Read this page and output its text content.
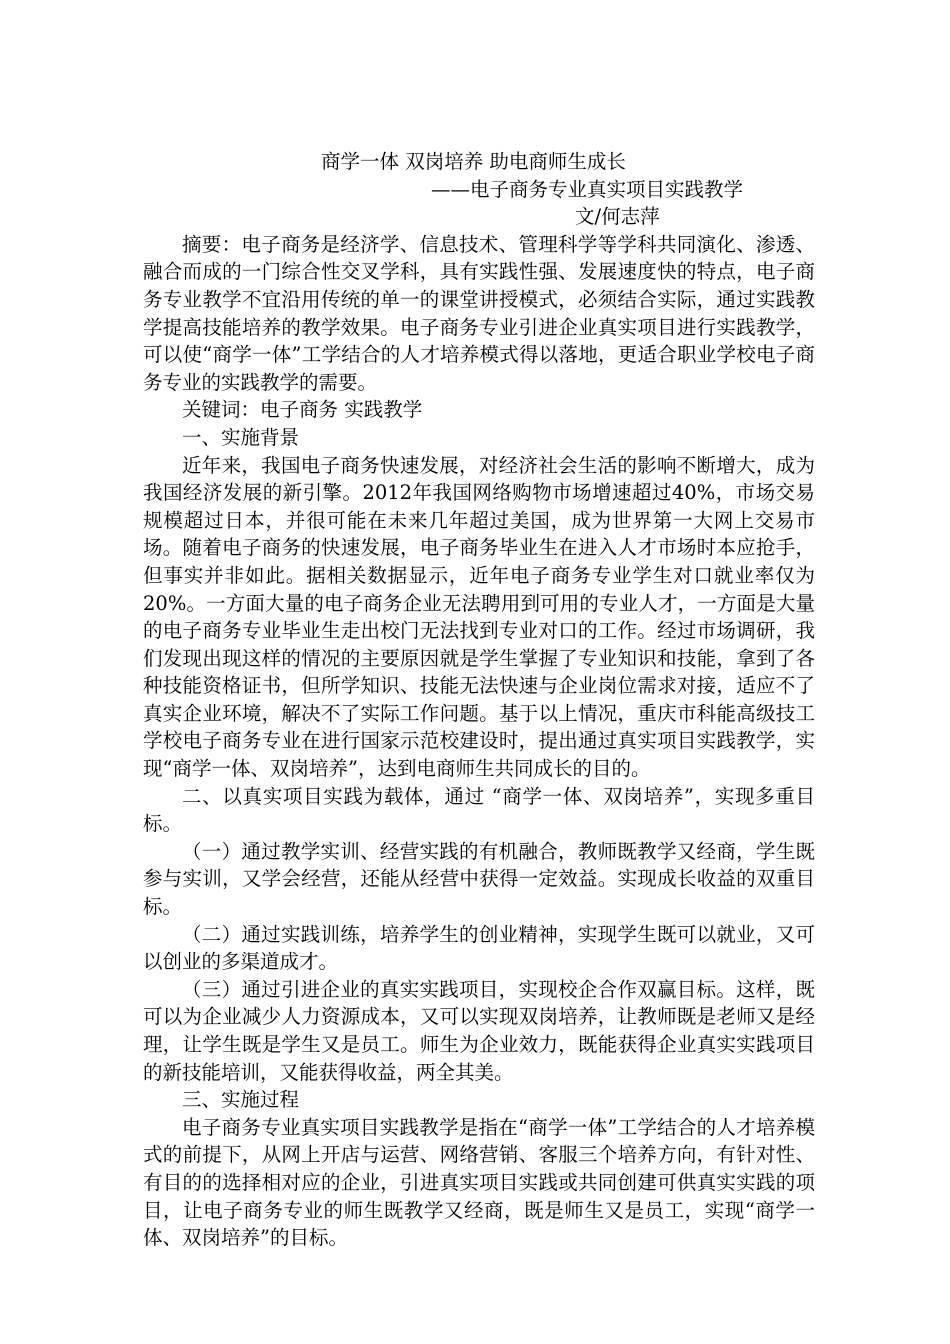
商学一体 双岗培养 助电商师生成长
——电子商务专业真实项目实践教学
文/何志萍

摘要：电子商务是经济学、信息技术、管理科学等学科共同演化、渗透、融合而成的一门综合性交叉学科，具有实践性强、发展速度快的特点，电子商务专业教学不宜沿用传统的单一的课堂讲授模式，必须结合实际，通过实践教学提高技能培养的教学效果。电子商务专业引进企业真实项目进行实践教学，可以使“商学一体”工学结合的人才培养模式得以落地，更适合职业学校电子商务专业的实践教学的需要。

关键词：电子商务 实践教学

一、实施背景

近年来，我国电子商务快速发展，对经济社会生活的影响不断增大，成为我国经济发展的新引擎。2012年我国网络购物市场增速超过40%，市场交易规模超过日本，并很可能在未来几年超过美国，成为世界第一大网上交易市场。随着电子商务的快速发展，电子商务毕业生在进入人才市场时本应抢手，但事实并非如此。据相关数据显示，近年电子商务专业学生对口就业率仅为20%。一方面大量的电子商务企业无法聘用到可用的专业人才，一方面是大量的电子商务专业毕业生走出校门无法找到专业对口的工作。经过市场调研，我们发现出现这样的情况的主要原因就是学生掌握了专业知识和技能，拿到了各种技能资格证书，但所学知识、技能无法快速与企业岗位需求对接，适应不了真实企业环境，解决不了实际工作问题。基于以上情况，重庆市科能高级技工学校电子商务专业在进行国家示范校建设时，提出通过真实项目实践教学，实现“商学一体、双岗培养”，达到电商师生共同成长的目的。

二、以真实项目实践为载体，通过 “商学一体、双岗培养”，实现多重目标。

（一）通过教学实训、经营实践的有机融合，教师既教学又经商，学生既参与实训，又学会经营，还能从经营中获得一定效益。实现成长收益的双重目标。

（二）通过实践训练，培养学生的创业精神，实现学生既可以就业，又可以创业的多渠道成才。

（三）通过引进企业的真实实践项目，实现校企合作双赢目标。这样，既可以为企业减少人力资源成本，又可以实现双岗培养，让教师既是老师又是经理，让学生既是学生又是员工。师生为企业效力，既能获得企业真实实践项目的新技能培训，又能获得收益，两全其美。

三、实施过程

电子商务专业真实项目实践教学是指在“商学一体”工学结合的人才培养模式的前提下，从网上开店与运营、网络营销、客服三个培养方向，有针对性、有目的的选择相对应的企业，引进真实项目实践或共同创建可供真实实践的项目，让电子商务专业的师生既教学又经商，既是师生又是员工，实现“商学一体、双岗培养”的目标。
